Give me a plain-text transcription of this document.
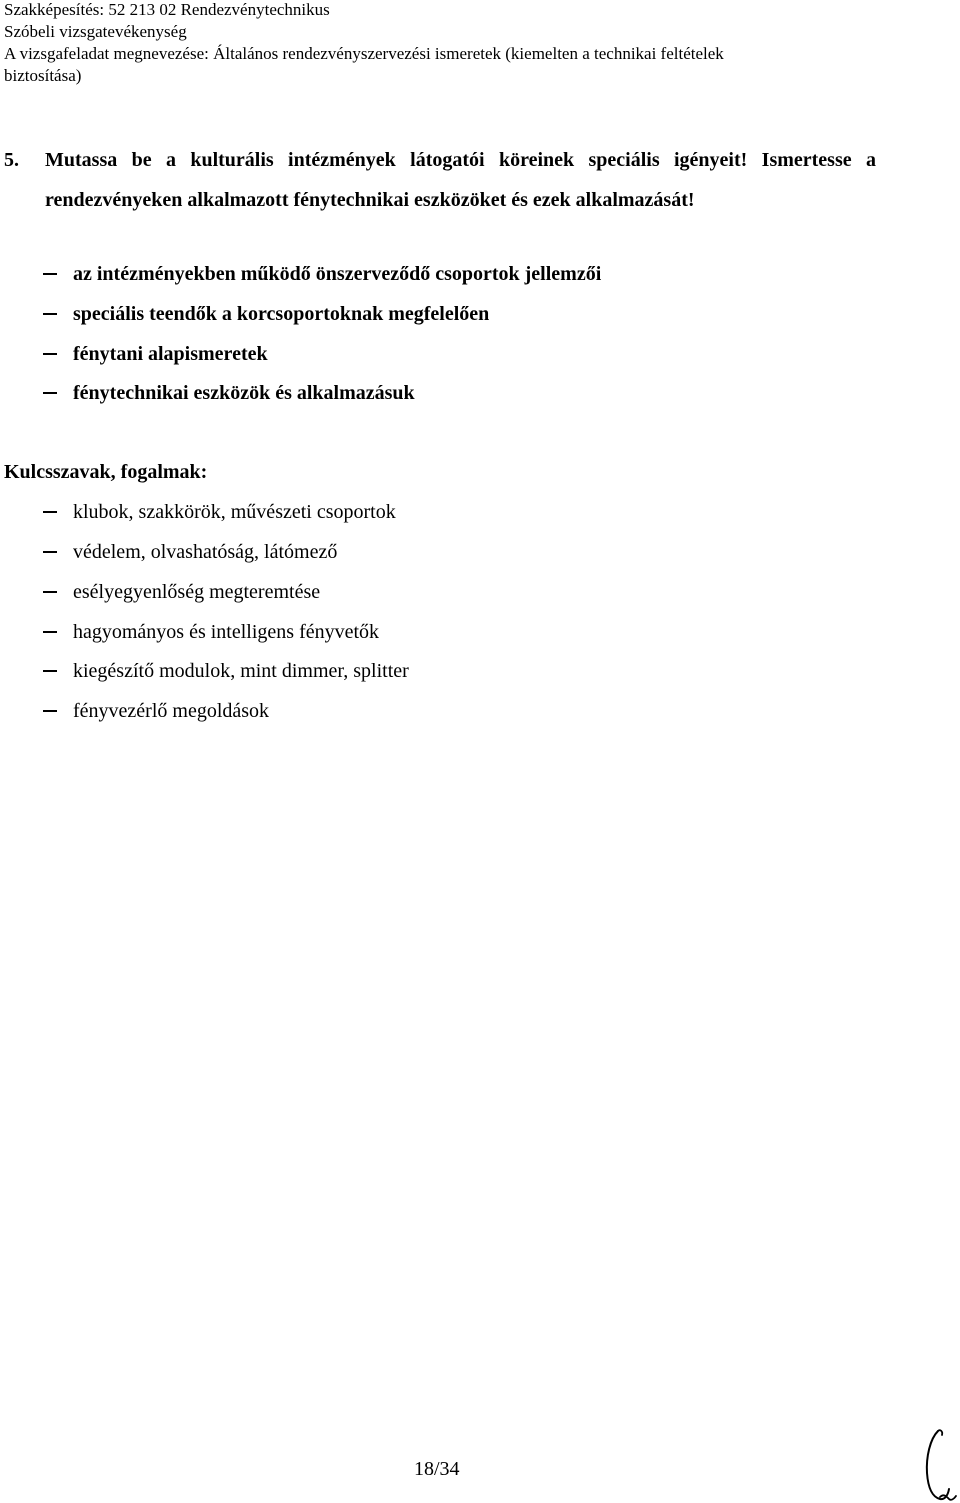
Szakképesítés: 52 213 02 Rendezvénytechnikus
Szóbeli vizsgatevékenység
A vizsgafeladat megnevezése: Általános rendezvényszervezési ismeretek (kiemelten a technikai feltételek
biztosítása)
5. Mutassa be a kulturális intézmények látogatói köreinek speciális igényeit! Ismertesse a rendezvényeken alkalmazott fénytechnikai eszközöket és ezek alkalmazását!
az intézményekben működő önszerveződő csoportok jellemzői
speciális teendők a korcsoportoknak megfelelően
fénytani alapismeretek
fénytechnikai eszközök és alkalmazásuk
Kulcsszavak, fogalmak:
klubok, szakkörök, művészeti csoportok
védelem, olvashatóság, látómező
esélyegyenlőség megteremtése
hagyományos és intelligens fényvetők
kiegészítő modulok, mint dimmer, splitter
fényvezérlő megoldások
18/34
